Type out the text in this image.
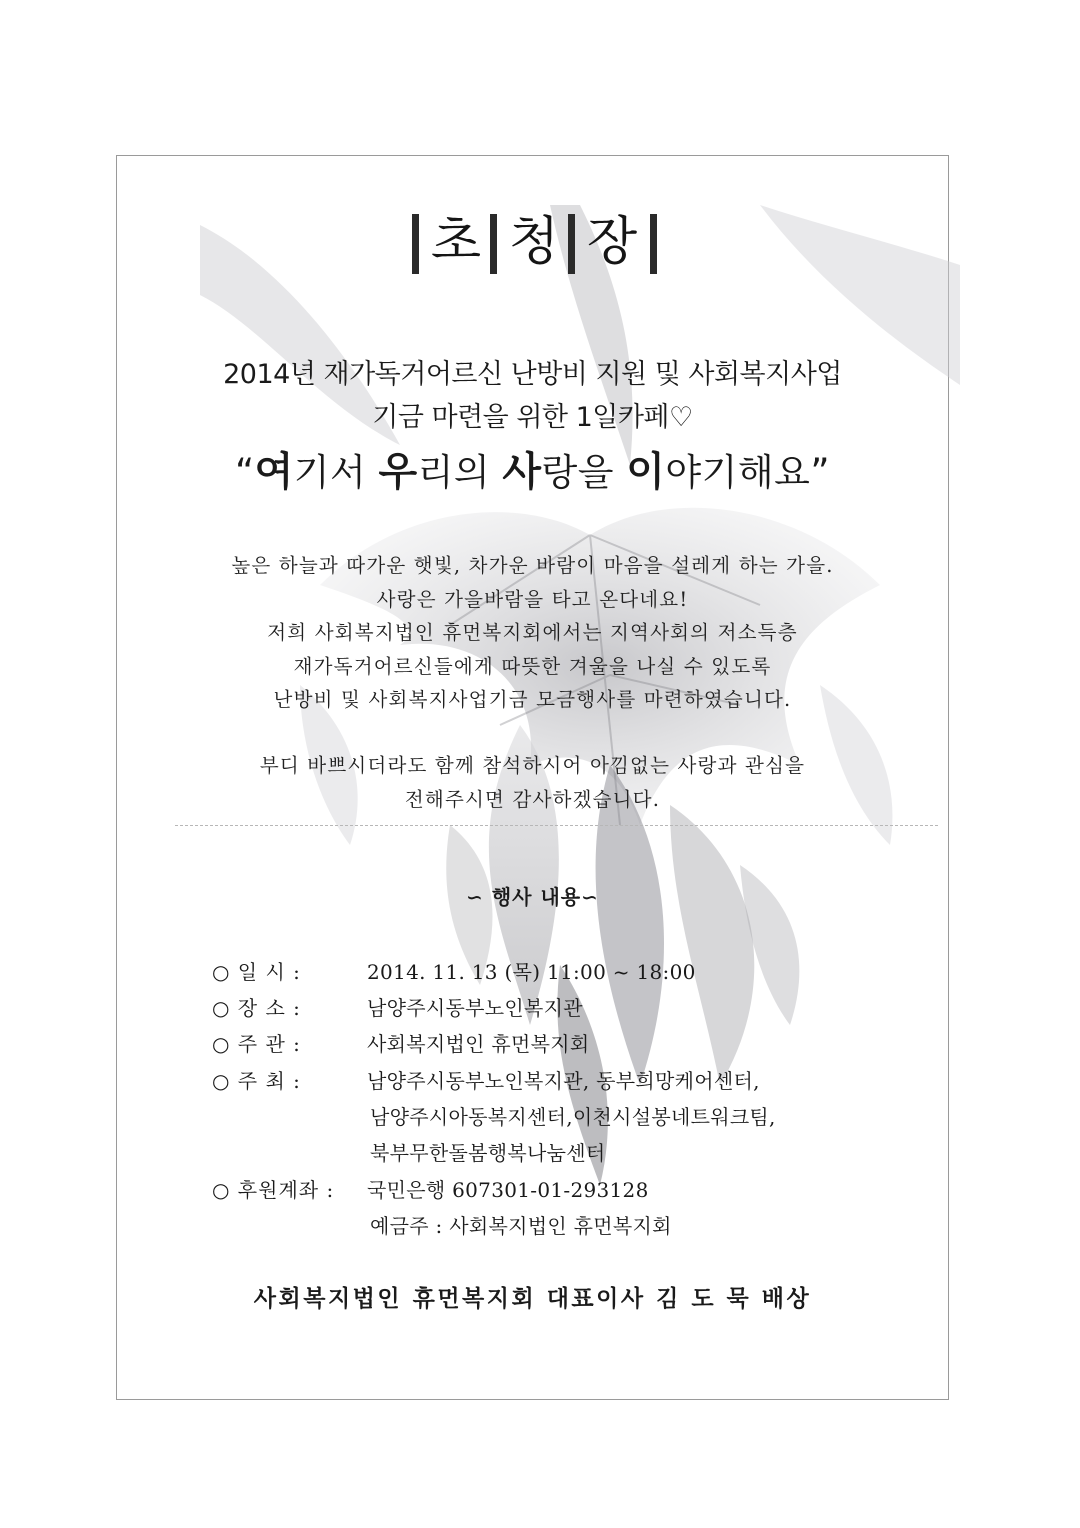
초 청 장
2014년 재가독거어르신 난방비 지원 및 사회복지사업
기금 마련을 위한 1일카페♡
“여기서 우리의 사랑을 이야기해요”
높은 하늘과 따가운 햇빛, 차가운 바람이 마음을 설레게 하는 가을.
사랑은 가을바람을 타고 온다네요!
저희 사회복지법인 휴먼복지회에서는 지역사회의 저소득층
재가독거어르신들에게 따뜻한 겨울을 나실 수 있도록
난방비 및 사회복지사업기금 모금행사를 마련하였습니다.
부디 바쁘시더라도 함께 참석하시어 아낌없는 사랑과 관심을
전해주시면 감사하겠습니다.
∽ 행사 내용∽
○ 일 시 :	2014. 11. 13 (목) 11:00 ~ 18:00
○ 장 소 :	남양주시동부노인복지관
○ 주 관 :	사회복지법인 휴먼복지회
○ 주 최 :	남양주시동부노인복지관, 동부희망케어센터,
남양주시아동복지센터,이천시설봉네트워크팀,
북부무한돌봄행복나눔센터
○ 후원계좌 : 국민은행 607301-01-293128
예금주 : 사회복지법인 휴먼복지회
사회복지법인 휴먼복지회 대표이사 김 도 묵 배상
